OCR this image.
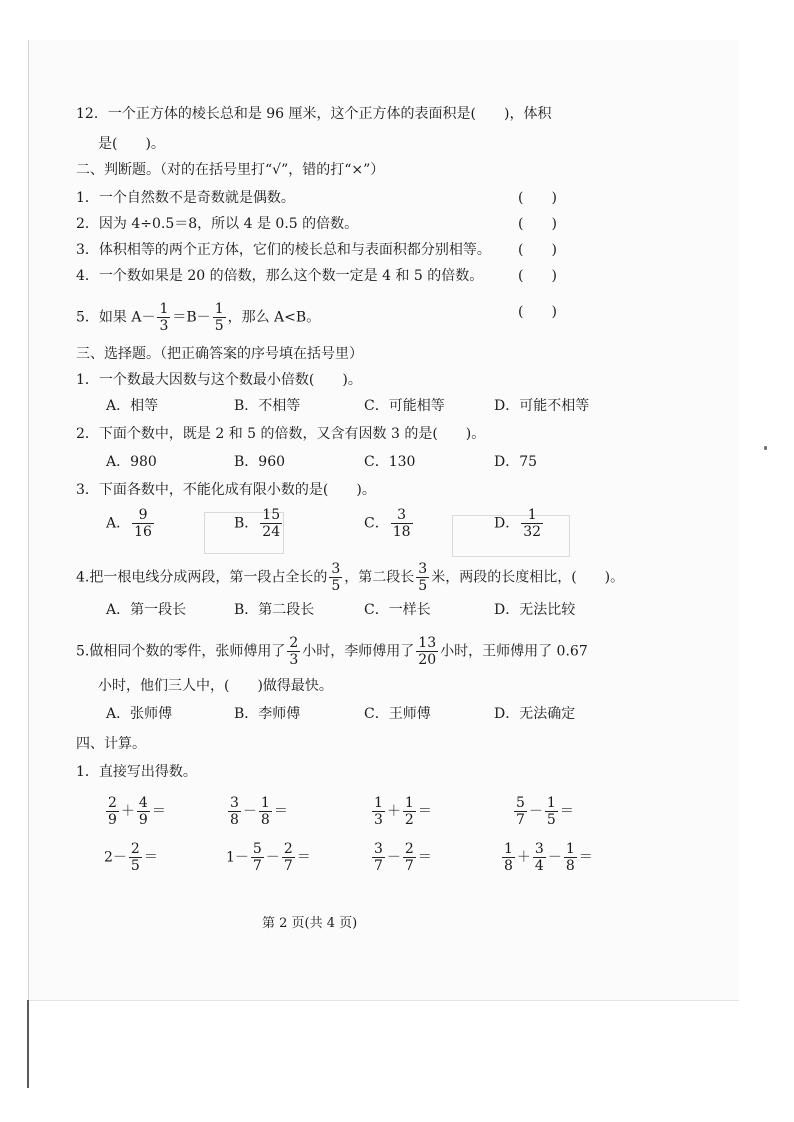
12．一个正方体的棱长总和是 96 厘米，这个正方体的表面积是(　　)，体积
是(　　)。
二、判断题。（对的在括号里打“√”，错的打“×”）
1．一个自然数不是奇数就是偶数。	(　　)
2．因为 4÷0.5＝8，所以 4 是 0.5 的倍数。	(　　)
3．体积相等的两个正方体，它们的棱长总和与表面积都分别相等。 (　　)
4．一个数如果是 20 的倍数，那么这个数一定是 4 和 5 的倍数。 (　　)
5．如果 $A- \frac{1}{3} =B- \frac{1}{5}$ ，那么 A<B。	(　　)
三、选择题。（把正确答案的序号填在括号里）
1．一个数最大因数与这个数最小倍数(　　)。
A．相等	B．不相等	C．可能相等	D．可能不相等
2．下面个数中，既是 2 和 5 的倍数，又含有因数 3 的是(　　)。
A．980	B．960	C．130	D．75
3．下面各数中，不能化成有限小数的是(　　)。
A． $\frac{9}{16}$	B． $\frac{15}{24}$	C． $\frac{3}{18}$	D． $\frac{1}{32}$
4.把一根电线分成两段，第一段占全长的 $\frac{3}{5}$ ，第二段长 $\frac{3}{5}$ 米，两段的长度相比，(　　)。
A．第一段长	B．第二段长	C．一样长	D．无法比较
5.做相同个数的零件，张师傅用了 $\frac{2}{3}$ 小时，李师傅用了 $\frac{13}{20}$ 小时，王师傅用了 0.67
小时，他们三人中，(　　)做得最快。
A．张师傅	B．李师傅	C．王师傅	D．无法确定
四、计算。
1．直接写出得数。
$\frac{2}{9} + \frac{4}{9}$ ＝	$\frac{3}{8} - \frac{1}{8}$ ＝	$\frac{1}{3} + \frac{1}{2}$ ＝	$\frac{5}{7} - \frac{1}{5}$ ＝
$2- \frac{2}{5}$ ＝	$1- \frac{5}{7} - \frac{2}{7}$ ＝	$\frac{3}{7} - \frac{2}{7}$ ＝	$\frac{1}{8} + \frac{3}{4} - \frac{1}{8}$ ＝
第 2 页(共 4 页)
